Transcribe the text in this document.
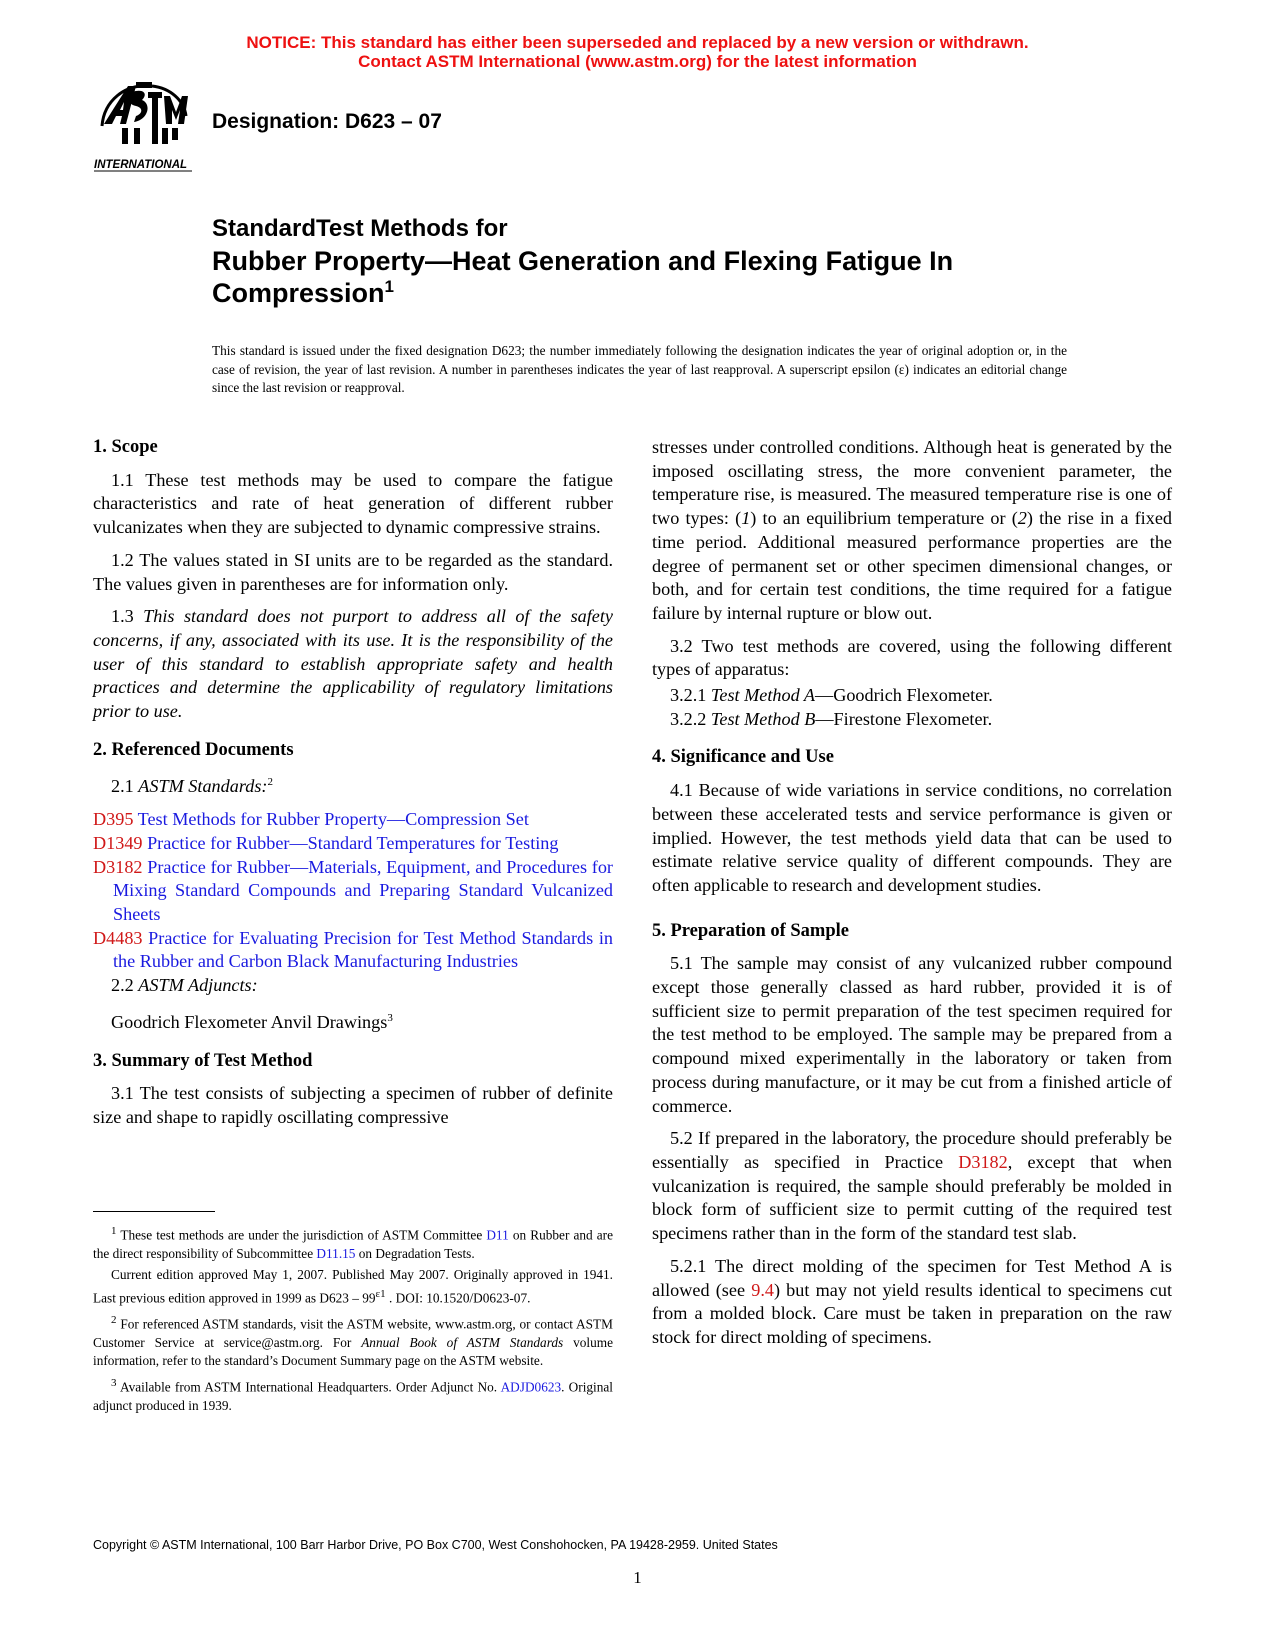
NOTICE: This standard has either been superseded and replaced by a new version or withdrawn.
Contact ASTM International (www.astm.org) for the latest information
INTERNATIONAL
Designation: D623 – 07
StandardTest Methods for
Rubber Property—Heat Generation and Flexing Fatigue In
Compression$^1$
This standard is issued under the fixed designation D623; the number immediately following the designation indicates the year of original adoption or, in the case of revision, the year of last revision. A number in parentheses indicates the year of last reapproval. A superscript epsilon (ε) indicates an editorial change since the last revision or reapproval.
1. Scope

1.1 These test methods may be used to compare the fatigue characteristics and rate of heat generation of different rubber vulcanizates when they are subjected to dynamic compressive strains.

1.2 The values stated in SI units are to be regarded as the standard. The values given in parentheses are for information only.

1.3 This standard does not purport to address all of the safety concerns, if any, associated with its use. It is the responsibility of the user of this standard to establish appropriate safety and health practices and determine the applicability of regulatory limitations prior to use.

2. Referenced Documents

2.1 ASTM Standards:$^2$

D395 Test Methods for Rubber Property—Compression Set
D1349 Practice for Rubber—Standard Temperatures for Testing
D3182 Practice for Rubber—Materials, Equipment, and Procedures for Mixing Standard Compounds and Preparing Standard Vulcanized Sheets
D4483 Practice for Evaluating Precision for Test Method Standards in the Rubber and Carbon Black Manufacturing Industries

2.2 ASTM Adjuncts:

Goodrich Flexometer Anvil Drawings$^3$

3. Summary of Test Method

3.1 The test consists of subjecting a specimen of rubber of definite size and shape to rapidly oscillating compressive

stresses under controlled conditions. Although heat is generated by the imposed oscillating stress, the more convenient parameter, the temperature rise, is measured. The measured temperature rise is one of two types: (1) to an equilibrium temperature or (2) the rise in a fixed time period. Additional measured performance properties are the degree of permanent set or other specimen dimensional changes, or both, and for certain test conditions, the time required for a fatigue failure by internal rupture or blow out.

3.2 Two test methods are covered, using the following different types of apparatus:

3.2.1 Test Method A—Goodrich Flexometer.

3.2.2 Test Method B—Firestone Flexometer.

4. Significance and Use

4.1 Because of wide variations in service conditions, no correlation between these accelerated tests and service performance is given or implied. However, the test methods yield data that can be used to estimate relative service quality of different compounds. They are often applicable to research and development studies.

5. Preparation of Sample

5.1 The sample may consist of any vulcanized rubber compound except those generally classed as hard rubber, provided it is of sufficient size to permit preparation of the test specimen required for the test method to be employed. The sample may be prepared from a compound mixed experimentally in the laboratory or taken from process during manufacture, or it may be cut from a finished article of commerce.

5.2 If prepared in the laboratory, the procedure should preferably be essentially as specified in Practice D3182, except that when vulcanization is required, the sample should preferably be molded in block form of sufficient size to permit cutting of the required test specimens rather than in the form of the standard test slab.

5.2.1 The direct molding of the specimen for Test Method A is allowed (see 9.4) but may not yield results identical to specimens cut from a molded block. Care must be taken in preparation on the raw stock for direct molding of specimens.

$^1$ These test methods are under the jurisdiction of ASTM Committee D11 on Rubber and are the direct responsibility of Subcommittee D11.15 on Degradation Tests.

Current edition approved May 1, 2007. Published May 2007. Originally approved in 1941. Last previous edition approved in 1999 as $D623 - 99^{\varepsilon 1}$ . DOI: 10.1520/D0623-07.

$^2$ For referenced ASTM standards, visit the ASTM website, www.astm.org, or contact ASTM Customer Service at service@astm.org. For Annual Book of ASTM Standards volume information, refer to the standard’s Document Summary page on the ASTM website.

$^3$ Available from ASTM International Headquarters. Order Adjunct No. ADJD0623. Original adjunct produced in 1939.

Copyright © ASTM International, 100 Barr Harbor Drive, PO Box C700, West Conshohocken, PA 19428-2959. United States
1
